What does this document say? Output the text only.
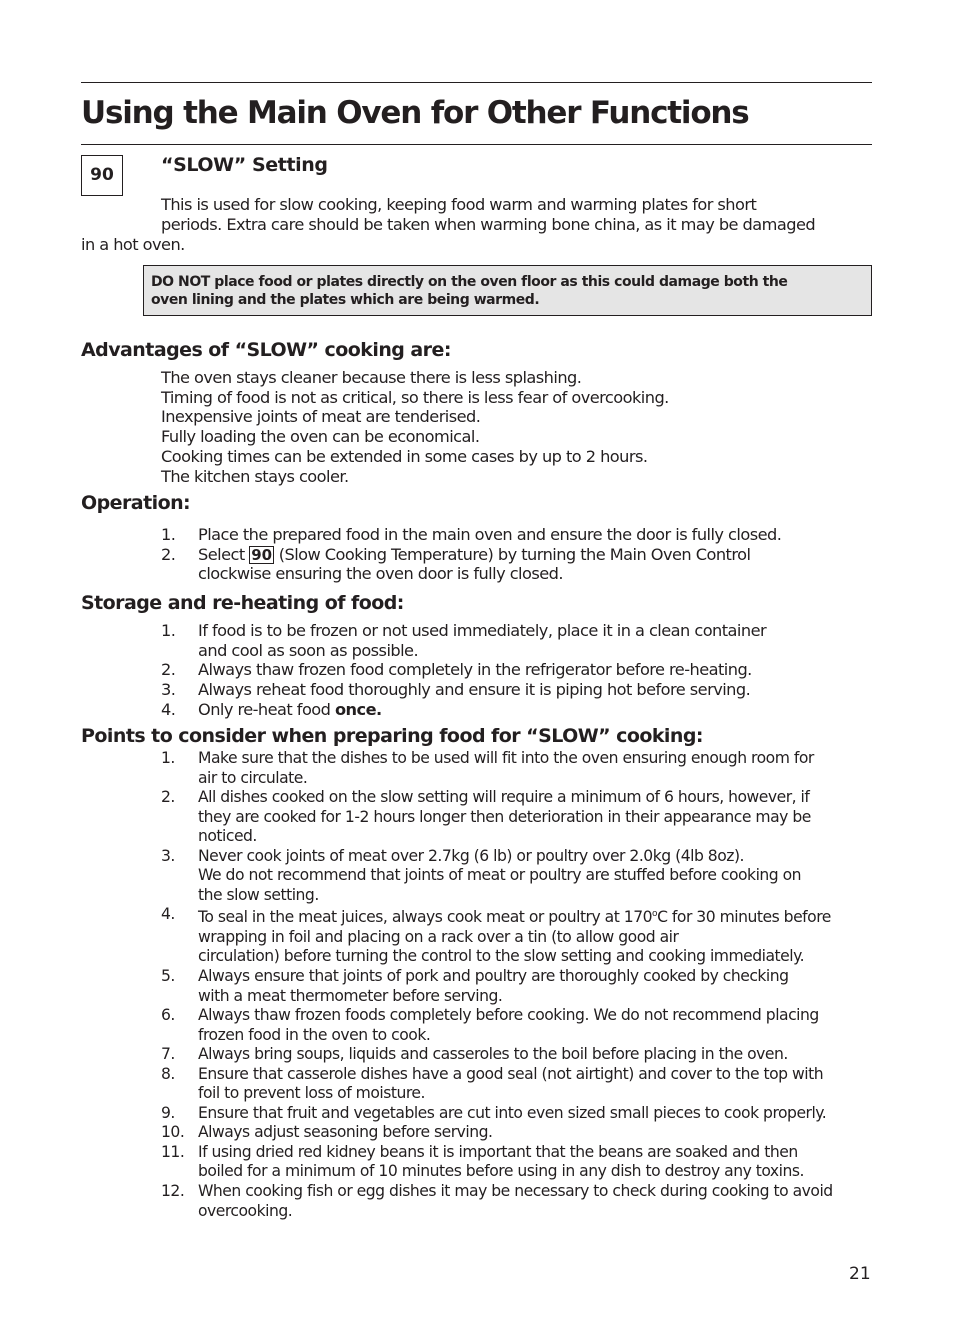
Using the Main Oven for Other Functions
90	“SLOW” Setting

This is used for slow cooking, keeping food warm and warming plates for short
periods. Extra care should be taken when warming bone china, as it may be damaged
in a hot oven.

DO NOT place food or plates directly on the oven floor as this could damage both the
oven lining and the plates which are being warmed.
Advantages of “SLOW” cooking are:
The oven stays cleaner because there is less splashing.
Timing of food is not as critical, so there is less fear of overcooking.
Inexpensive joints of meat are tenderised.
Fully loading the oven can be economical.
Cooking times can be extended in some cases by up to 2 hours.
The kitchen stays cooler.
Operation:
1. Place the prepared food in the main oven and ensure the door is fully closed.
2. Select 90 (Slow Cooking Temperature) by turning the Main Oven Control
clockwise ensuring the oven door is fully closed.
Storage and re-heating of food:
1. If food is to be frozen or not used immediately, place it in a clean container
and cool as soon as possible.
2. Always thaw frozen food completely in the refrigerator before re-heating.
3. Always reheat food thoroughly and ensure it is piping hot before serving.
4. Only re-heat food once.
Points to consider when preparing food for “SLOW” cooking:
1. Make sure that the dishes to be used will fit into the oven ensuring enough room for
air to circulate.
2. All dishes cooked on the slow setting will require a minimum of 6 hours, however, if
they are cooked for 1-2 hours longer then deterioration in their appearance may be
noticed.
3. Never cook joints of meat over 2.7kg (6 lb) or poultry over 2.0kg (4lb 8oz).
We do not recommend that joints of meat or poultry are stuffed before cooking on
the slow setting.
4. To seal in the meat juices, always cook meat or poultry at 170$^o$C for 30 minutes before
wrapping in foil and placing on a rack over a tin (to allow good air
circulation) before turning the control to the slow setting and cooking immediately.
5. Always ensure that joints of pork and poultry are thoroughly cooked by checking
with a meat thermometer before serving.
6. Always thaw frozen foods completely before cooking. We do not recommend placing
frozen food in the oven to cook.
7. Always bring soups, liquids and casseroles to the boil before placing in the oven.
8. Ensure that casserole dishes have a good seal (not airtight) and cover to the top with
foil to prevent loss of moisture.
9. Ensure that fruit and vegetables are cut into even sized small pieces to cook properly.
10. Always adjust seasoning before serving.
11. If using dried red kidney beans it is important that the beans are soaked and then
boiled for a minimum of 10 minutes before using in any dish to destroy any toxins.
12. When cooking fish or egg dishes it may be necessary to check during cooking to avoid
overcooking.
21
